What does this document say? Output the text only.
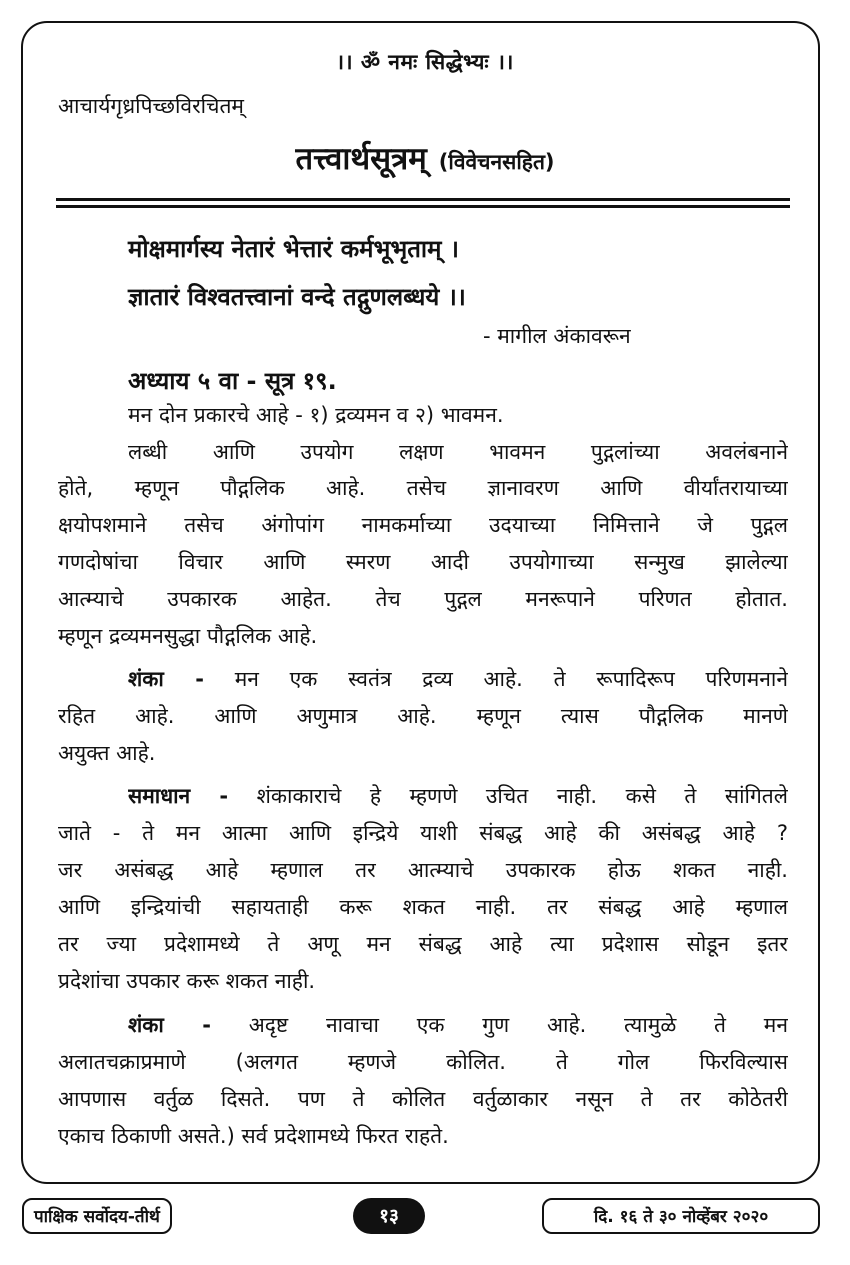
।। ॐ नमः सिद्धेभ्यः ।।
आचार्यगृध्रपिच्छविरचितम्
तत्त्वार्थसूत्रम् (विवेचनसहित)
मोक्षमार्गस्य नेतारं भेत्तारं कर्मभूभृताम् ।
ज्ञातारं विश्‍वतत्त्वानां वन्दे तद्गुणलब्धये ।।
- मागील अंकावरून
अध्याय ५ वा - सूत्र १९.
मन दोन प्रकारचे आहे - १) द्रव्यमन व २) भावमन.
लब्धी आणि उपयोग लक्षण भावमन पुद्गलांच्या अवलंबनाने
होते, म्हणून पौद्गलिक आहे. तसेच ज्ञानावरण आणि वीर्यांतरायाच्या
क्षयोपशमाने तसेच अंगोपांग नामकर्माच्या उदयाच्या निमित्ताने जे पुद्गल
गणदोषांचा विचार आणि स्मरण आदी उपयोगाच्या सन्मुख झालेल्या
आत्म्याचे उपकारक आहेत. तेच पुद्गल मनरूपाने परिणत होतात.
म्हणून द्रव्यमनसुद्धा पौद्गलिक आहे.
शंका - मन एक स्वतंत्र द्रव्य आहे. ते रूपादिरूप परिणमनाने
रहित आहे. आणि अणुमात्र आहे. म्हणून त्यास पौद्गलिक मानणे
अयुक्त आहे.
समाधान - शंकाकाराचे हे म्हणणे उचित नाही. कसे ते सांगितले
जाते - ते मन आत्मा आणि इन्द्रिये याशी संबद्ध आहे की असंबद्ध आहे ?
जर असंबद्ध आहे म्हणाल तर आत्म्याचे उपकारक होऊ शकत नाही.
आणि इन्द्रियांची सहायताही करू शकत नाही. तर संबद्ध आहे म्हणाल
तर ज्या प्रदेशामध्ये ते अणू मन संबद्ध आहे त्या प्रदेशास सोडून इतर
प्रदेशांचा उपकार करू शकत नाही.
शंका - अदृष्ट नावाचा एक गुण आहे. त्यामुळे ते मन
अलातचक्राप्रमाणे (अलगत म्हणजे कोलित. ते गोल फिरविल्यास
आपणास वर्तुळ दिसते. पण ते कोलित वर्तुळाकार नसून ते तर कोठेतरी
एकाच ठिकाणी असते.) सर्व प्रदेशामध्ये फिरत राहते.
पाक्षिक सर्वोदय-तीर्थ	१३	दि. १६ ते ३० नोव्हेंबर २०२०
